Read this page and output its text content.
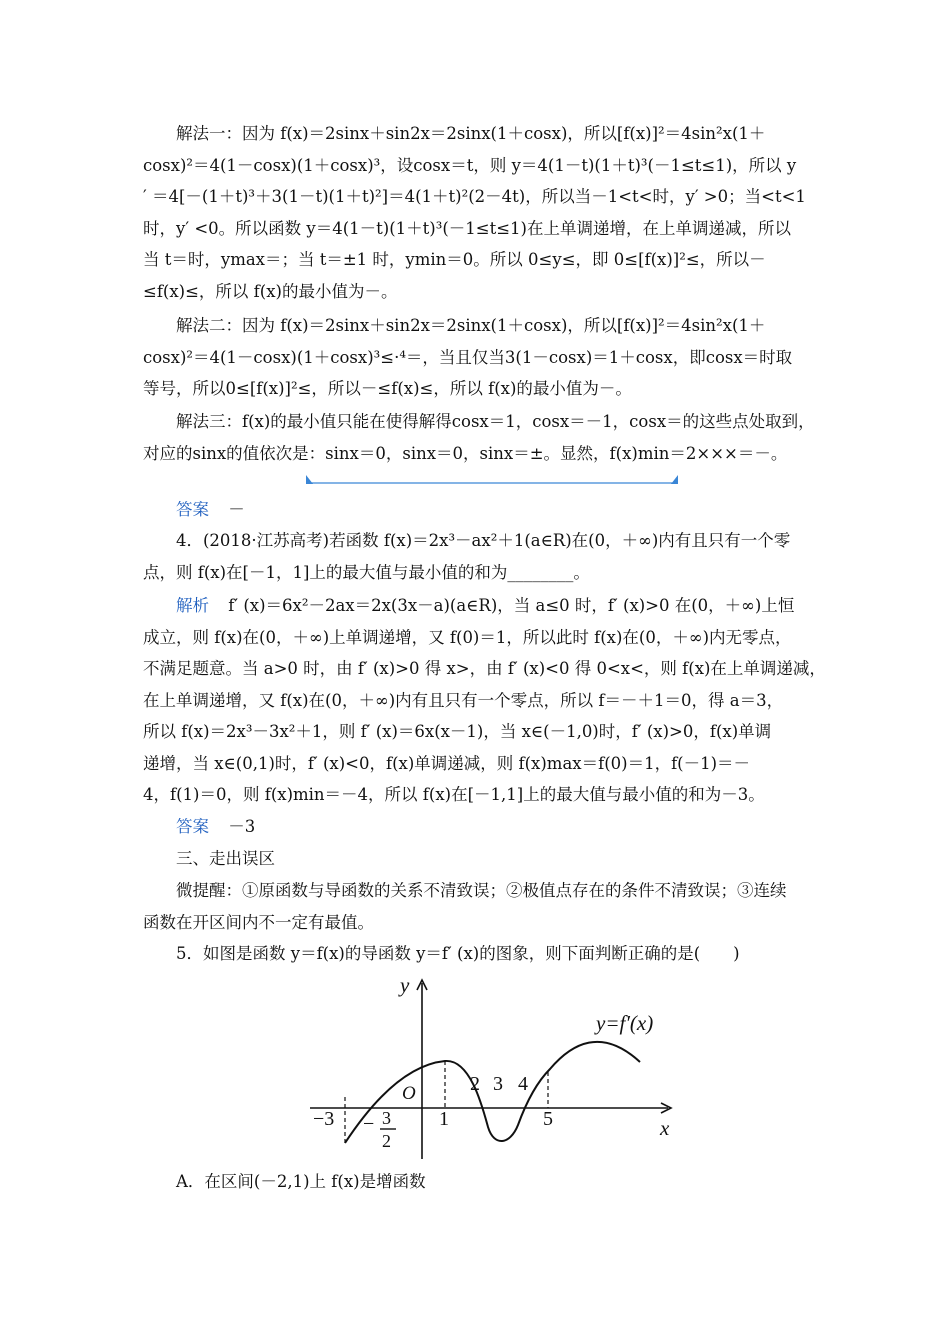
解法一：因为 f(x)＝2sinx＋sin2x＝2sinx(1＋cosx)，所以[f(x)]²＝4sin²x(1＋
cosx)²＝4(1－cosx)(1＋cosx)³，设cosx＝t，则 y＝4(1－t)(1＋t)³(－1≤t≤1)，所以 y
′ ＝4[－(1＋t)³＋3(1－t)(1＋t)²]＝4(1＋t)²(2－4t)，所以当－1<t<时，y′ >0；当<t<1
时，y′ <0。所以函数 y＝4(1－t)(1＋t)³(－1≤t≤1)在上单调递增，在上单调递减，所以
当 t＝时，ymax＝；当 t＝±1 时，ymin＝0。所以 0≤y≤，即 0≤[f(x)]²≤，所以－
≤f(x)≤，所以 f(x)的最小值为－。
解法二：因为 f(x)＝2sinx＋sin2x＝2sinx(1＋cosx)，所以[f(x)]²＝4sin²x(1＋
cosx)²＝4(1－cosx)(1＋cosx)³≤·⁴＝，当且仅当3(1－cosx)＝1＋cosx，即cosx＝时取
等号，所以0≤[f(x)]²≤，所以－≤f(x)≤，所以 f(x)的最小值为－。
解法三：f(x)的最小值只能在使得解得cosx＝1，cosx＝－1，cosx＝的这些点处取到，
对应的sinx的值依次是：sinx＝0，sinx＝0，sinx＝±。显然，f(x)min＝2×××＝－。
答案 －
4．(2018·江苏高考)若函数 f(x)＝2x³－ax²＋1(a∈R)在(0，＋∞)内有且只有一个零
点，则 f(x)在[－1，1]上的最大值与最小值的和为________。
解析 f′ (x)＝6x²－2ax＝2x(3x－a)(a∈R)，当 a≤0 时，f′ (x)>0 在(0，＋∞)上恒
成立，则 f(x)在(0，＋∞)上单调递增，又 f(0)＝1，所以此时 f(x)在(0，＋∞)内无零点，
不满足题意。当 a>0 时，由 f′ (x)>0 得 x>，由 f′ (x)<0 得 0<x<，则 f(x)在上单调递减，
在上单调递增，又 f(x)在(0，＋∞)内有且只有一个零点，所以 f＝－＋1＝0，得 a＝3，
所以 f(x)＝2x³－3x²＋1，则 f′ (x)＝6x(x－1)，当 x∈(－1,0)时，f′ (x)>0，f(x)单调
递增，当 x∈(0,1)时，f′ (x)<0，f(x)单调递减，则 f(x)max＝f(0)＝1，f(－1)＝－
4，f(1)＝0，则 f(x)min＝－4，所以 f(x)在[－1,1]上的最大值与最小值的和为－3。
答案 －3
三、走出误区
微提醒：①原函数与导函数的关系不清致误；②极值点存在的条件不清致误；③连续
函数在开区间内不一定有最值。
5．如图是函数 y＝f(x)的导函数 y＝f′ (x)的图象，则下面判断正确的是(　　)
y
x
y=f′(x)
O
−3	1
2 3 4
5
− 3
2
A．在区间(－2,1)上 f(x)是增函数
